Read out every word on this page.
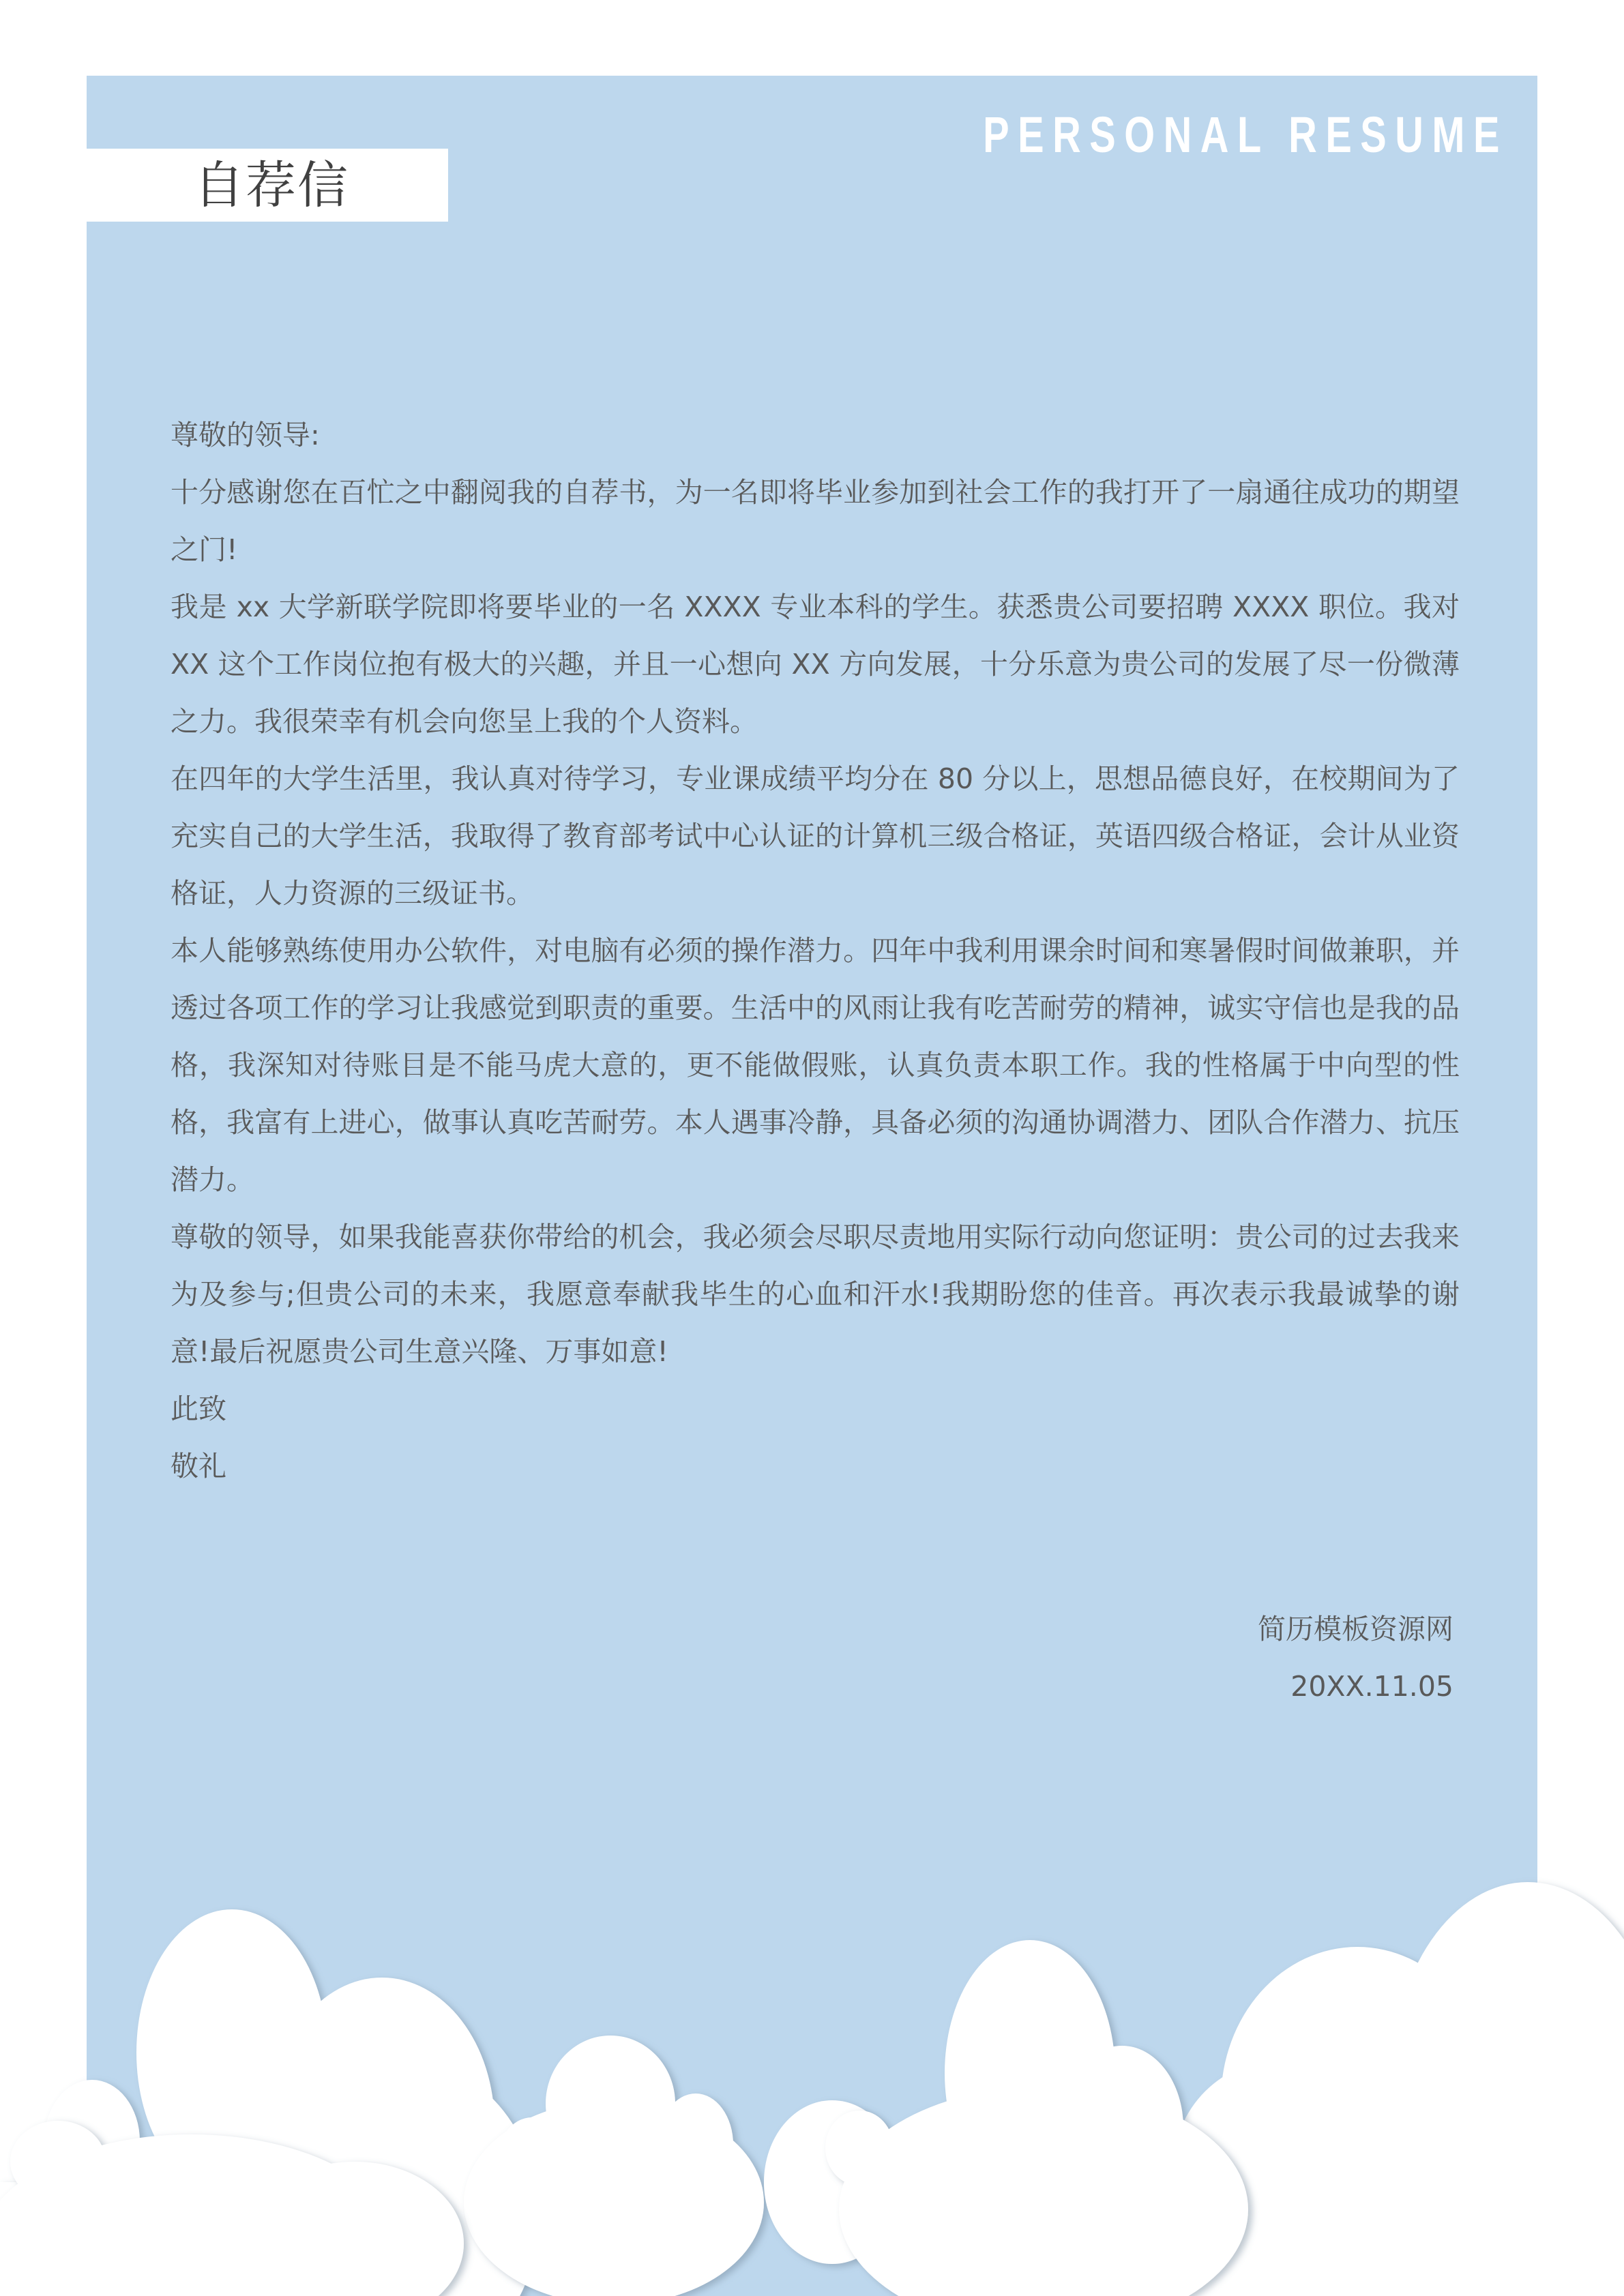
自荐信
PERSONAL RESUME

尊敬的领导:

十分感谢您在百忙之中翻阅我的自荐书，为一名即将毕业参加到社会工作的我打开了一扇通往成功的期望之门!

我是 xx 大学新联学院即将要毕业的一名 XXXX 专业本科的学生。获悉贵公司要招聘 XXXX 职位。我对 XX 这个工作岗位抱有极大的兴趣，并且一心想向 XX 方向发展，十分乐意为贵公司的发展了尽一份微薄之力。我很荣幸有机会向您呈上我的个人资料。

在四年的大学生活里，我认真对待学习，专业课成绩平均分在 80 分以上，思想品德良好，在校期间为了充实自己的大学生活，我取得了教育部考试中心认证的计算机三级合格证，英语四级合格证，会计从业资格证，人力资源的三级证书。

本人能够熟练使用办公软件，对电脑有必须的操作潜力。四年中我利用课余时间和寒暑假时间做兼职，并透过各项工作的学习让我感觉到职责的重要。生活中的风雨让我有吃苦耐劳的精神，诚实守信也是我的品格，我深知对待账目是不能马虎大意的，更不能做假账，认真负责本职工作。我的性格属于中向型的性格，我富有上进心，做事认真吃苦耐劳。本人遇事冷静，具备必须的沟通协调潜力、团队合作潜力、抗压潜力。

尊敬的领导，如果我能喜获你带给的机会，我必须会尽职尽责地用实际行动向您证明：贵公司的过去我来为及参与;但贵公司的未来，我愿意奉献我毕生的心血和汗水!我期盼您的佳音。再次表示我最诚挚的谢意!最后祝愿贵公司生意兴隆、万事如意!

此致

敬礼

简历模板资源网
20XX.11.05
